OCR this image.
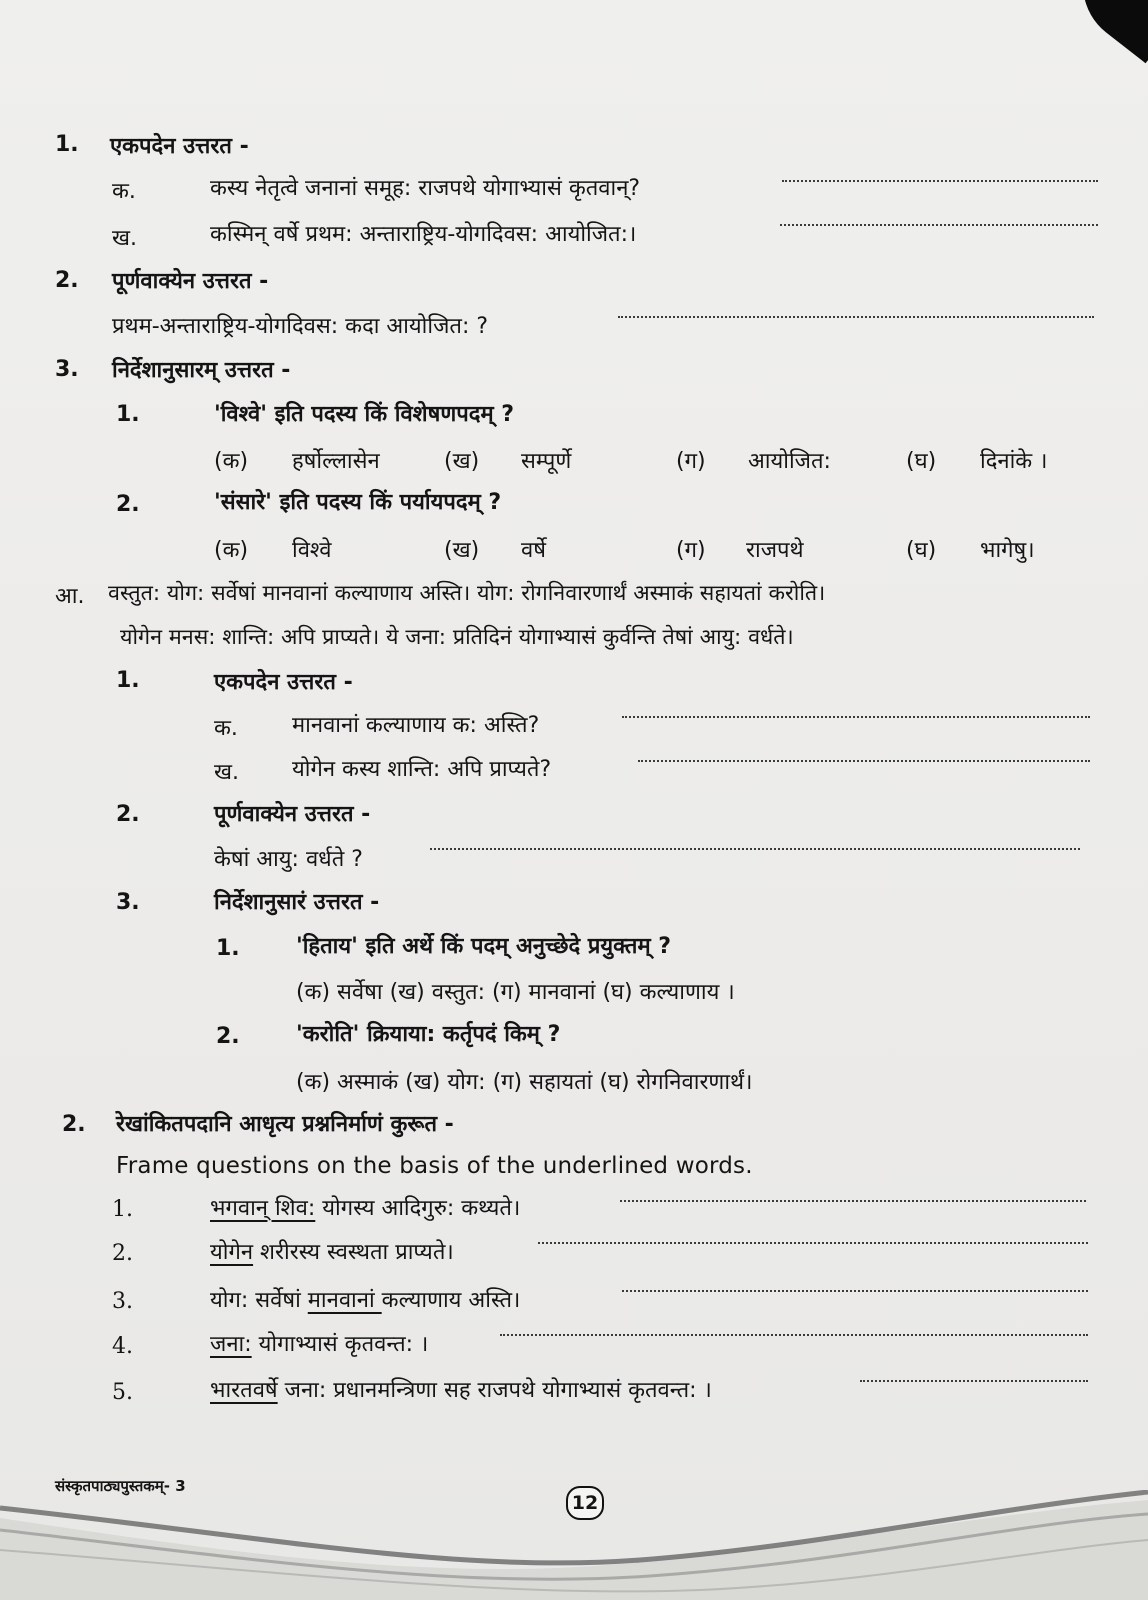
1. एकपदेन उत्तरत -
क.	कस्य नेतृत्वे जनानां समूह: राजपथे योगाभ्यासं कृतवान्?
ख.	कस्मिन् वर्षे प्रथम: अन्ताराष्ट्रिय-योगदिवस: आयोजित:।
2. पूर्णवाक्येन उत्तरत -
प्रथम-अन्ताराष्ट्रिय-योगदिवस: कदा आयोजित: ?
3. निर्देशानुसारम् उत्तरत -
1.	'विश्वे' इति पदस्य किं विशेषणपदम् ?
(क) हर्षोल्लासेन	(ख) सम्पूर्णे	(ग) आयोजित:	(घ) दिनांके ।
2.	'संसारे' इति पदस्य किं पर्यायपदम् ?
(क) विश्वे	(ख) वर्षे	(ग) राजपथे	(घ) भागेषु।
आ. वस्तुत: योग: सर्वेषां मानवानां कल्याणाय अस्ति। योग: रोगनिवारणार्थं अस्माकं सहायतां करोति।
योगेन मनस: शान्ति: अपि प्राप्यते। ये जना: प्रतिदिनं योगाभ्यासं कुर्वन्ति तेषां आयु: वर्धते।
1.	एकपदेन उत्तरत -
क. मानवानां कल्याणाय क: अस्ति?
ख. योगेन कस्य शान्ति: अपि प्राप्यते?
2.	पूर्णवाक्येन उत्तरत -
केषां आयु: वर्धते ?
3.	निर्देशानुसारं उत्तरत -
1.	'हिताय' इति अर्थे किं पदम् अनुच्छेदे प्रयुक्तम् ?
(क) सर्वेषा (ख) वस्तुत: (ग) मानवानां (घ) कल्याणाय ।
2.	'करोति' क्रियाया: कर्तृपदं किम् ?
(क) अस्माकं (ख) योग: (ग) सहायतां (घ) रोगनिवारणार्थं।
2. रेखांकितपदानि आधृत्य प्रश्ननिर्माणं कुरूत -
Frame questions on the basis of the underlined words.
1.	भगवान् शिव: योगस्य आदिगुरु: कथ्यते।
2.	योगेन शरीरस्य स्वस्थता प्राप्यते।
3.	योग: सर्वेषां मानवानां कल्याणाय अस्ति।
4.	जना: योगाभ्यासं कृतवन्त: ।
5.	भारतवर्षे जना: प्रधानमन्त्रिणा सह राजपथे योगाभ्यासं कृतवन्त: ।
संस्कृतपाठ्यपुस्तकम्- 3
12
